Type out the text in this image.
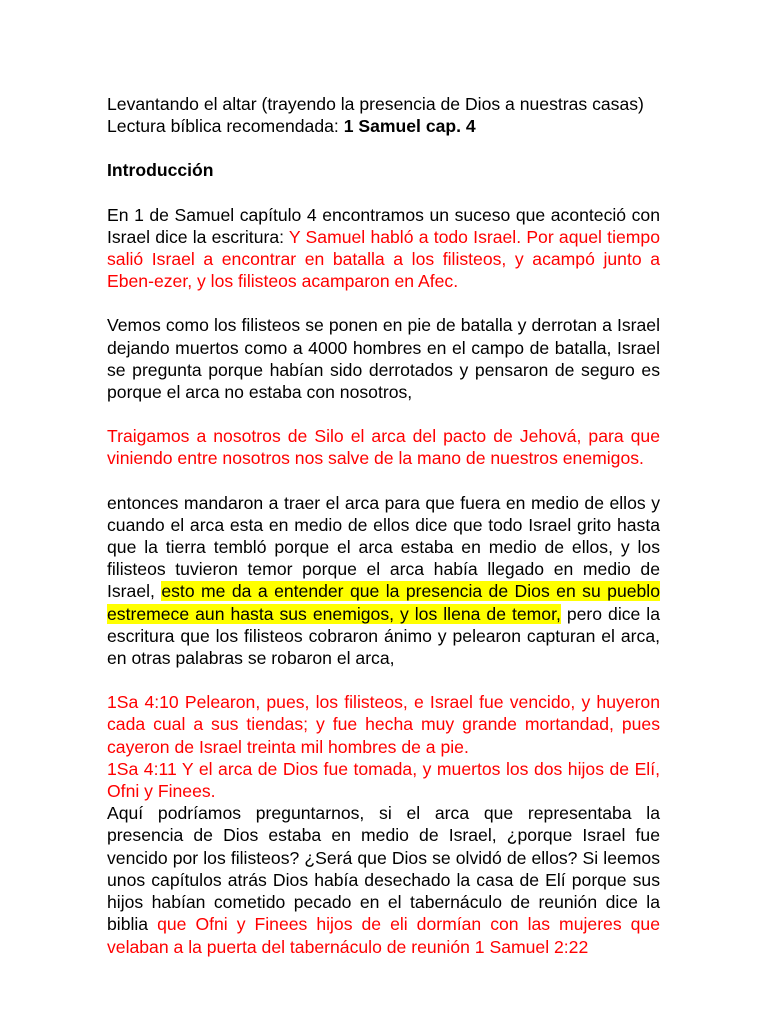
Levantando el altar (trayendo la presencia de Dios a nuestras casas)

Lectura bíblica recomendada: 1 Samuel cap. 4

Introducción

En 1 de Samuel capítulo 4 encontramos un suceso que aconteció con Israel dice la escritura: Y Samuel habló a todo Israel. Por aquel tiempo salió Israel a encontrar en batalla a los filisteos, y acampó junto a Eben-ezer, y los filisteos acamparon en Afec.

Vemos como los filisteos se ponen en pie de batalla y derrotan a Israel dejando muertos como a 4000 hombres en el campo de batalla, Israel se pregunta porque habían sido derrotados y pensaron de seguro es porque el arca no estaba con nosotros,

Traigamos a nosotros de Silo el arca del pacto de Jehová, para que viniendo entre nosotros nos salve de la mano de nuestros enemigos.

entonces mandaron a traer el arca para que fuera en medio de ellos y cuando el arca esta en medio de ellos dice que todo Israel grito hasta que la tierra tembló porque el arca estaba en medio de ellos, y los filisteos tuvieron temor porque el arca había llegado en medio de Israel, esto me da a entender que la presencia de Dios en su pueblo estremece aun hasta sus enemigos, y los llena de temor, pero dice la escritura que los filisteos cobraron ánimo y pelearon capturan el arca, en otras palabras se robaron el arca,

1Sa 4:10 Pelearon, pues, los filisteos, e Israel fue vencido, y huyeron cada cual a sus tiendas; y fue hecha muy grande mortandad, pues cayeron de Israel treinta mil hombres de a pie.

1Sa 4:11 Y el arca de Dios fue tomada, y muertos los dos hijos de Elí, Ofni y Finees.

Aquí podríamos preguntarnos, si el arca que representaba la presencia de Dios estaba en medio de Israel, ¿porque Israel fue vencido por los filisteos? ¿Será que Dios se olvidó de ellos? Si leemos unos capítulos atrás Dios había desechado la casa de Elí porque sus hijos habían cometido pecado en el tabernáculo de reunión dice la biblia que Ofni y Finees hijos de eli dormían con las mujeres que velaban a la puerta del tabernáculo de reunión 1 Samuel 2:22
